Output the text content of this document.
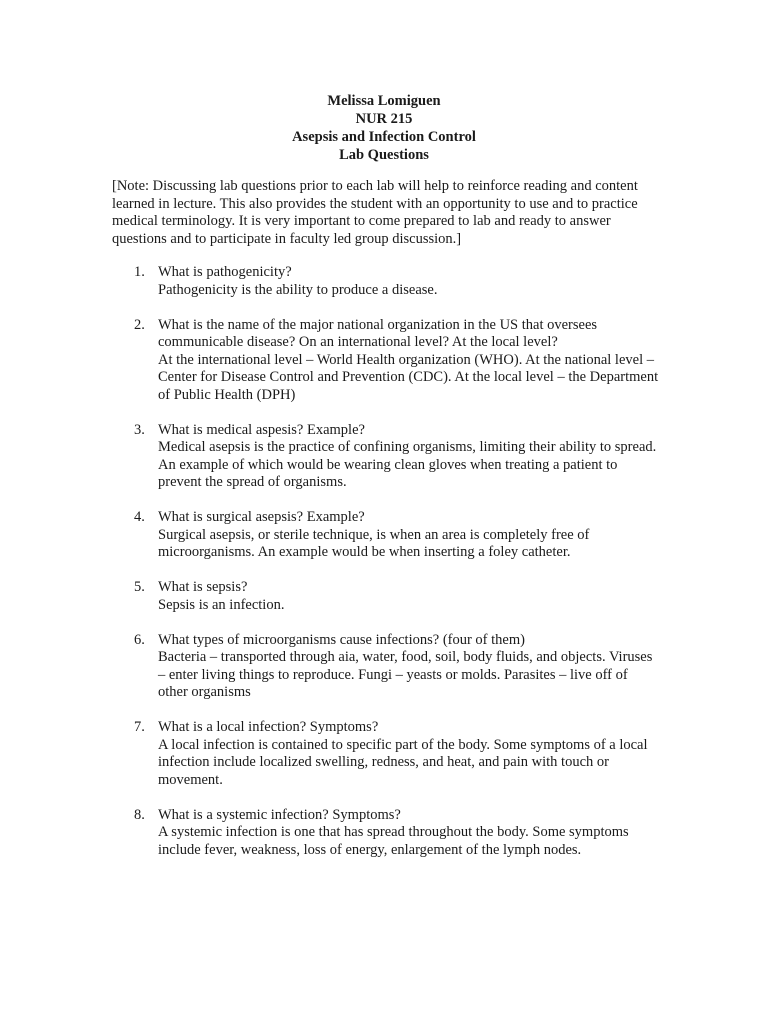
Melissa Lomiguen
NUR 215
Asepsis and Infection Control
Lab Questions
[Note: Discussing lab questions prior to each lab will help to reinforce reading and content learned in lecture. This also provides the student with an opportunity to use and to practice medical terminology. It is very important to come prepared to lab and ready to answer questions and to participate in faculty led group discussion.]
1. What is pathogenicity?
Pathogenicity is the ability to produce a disease.
2. What is the name of the major national organization in the US that oversees communicable disease? On an international level? At the local level?
At the international level – World Health organization (WHO). At the national level – Center for Disease Control and Prevention (CDC). At the local level – the Department of Public Health (DPH)
3. What is medical aspesis? Example?
Medical asepsis is the practice of confining organisms, limiting their ability to spread. An example of which would be wearing clean gloves when treating a patient to prevent the spread of organisms.
4. What is surgical asepsis? Example?
Surgical asepsis, or sterile technique, is when an area is completely free of microorganisms. An example would be when inserting a foley catheter.
5. What is sepsis?
Sepsis is an infection.
6. What types of microorganisms cause infections? (four of them)
Bacteria – transported through aia, water, food, soil, body fluids, and objects. Viruses – enter living things to reproduce. Fungi – yeasts or molds. Parasites – live off of other organisms
7. What is a local infection? Symptoms?
A local infection is contained to specific part of the body. Some symptoms of a local infection include localized swelling, redness, and heat, and pain with touch or movement.
8. What is a systemic infection? Symptoms?
A systemic infection is one that has spread throughout the body. Some symptoms include fever, weakness, loss of energy, enlargement of the lymph nodes.
